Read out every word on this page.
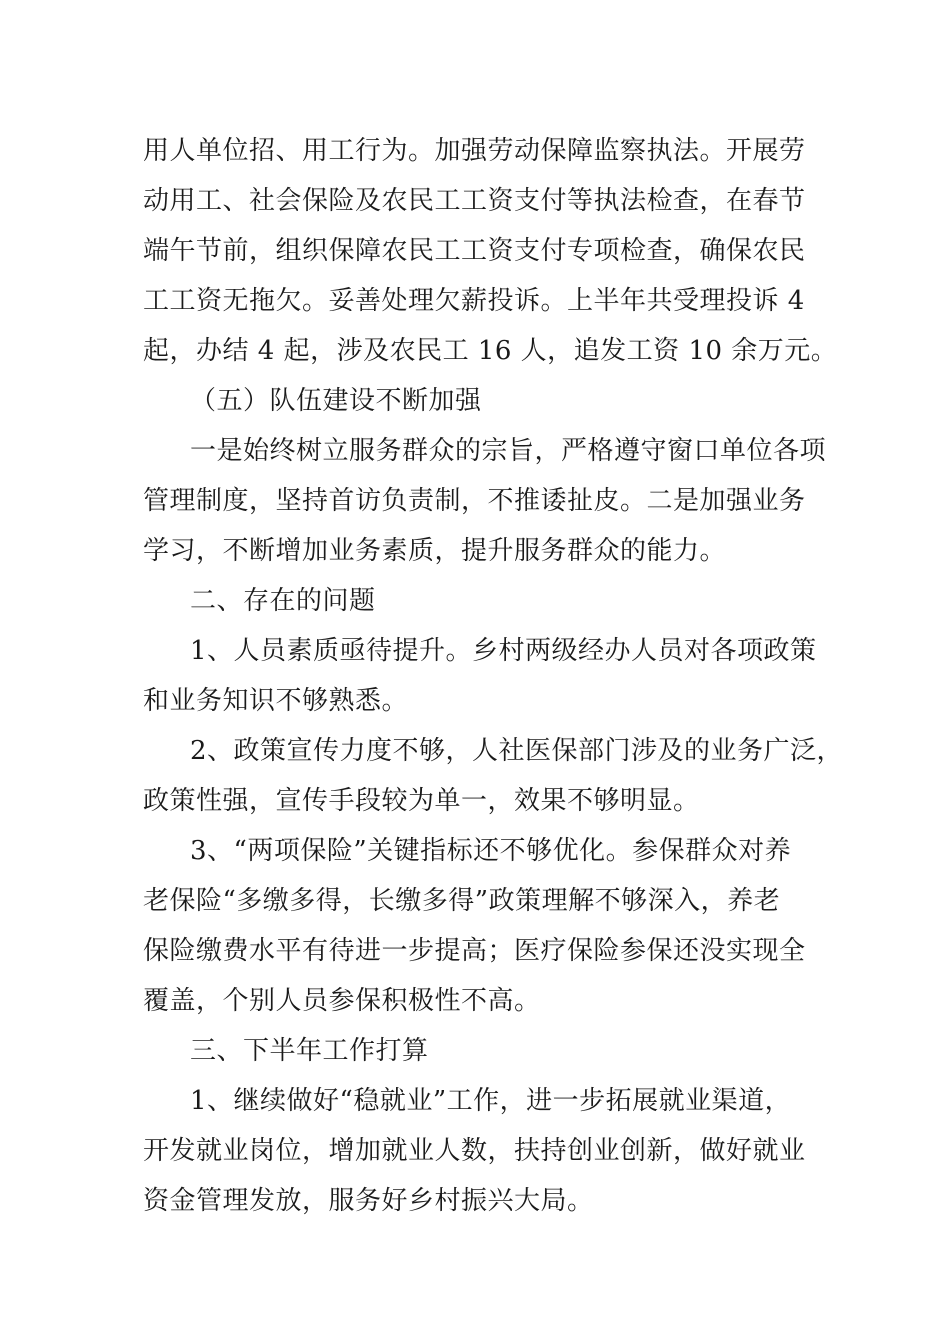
用人单位招、用工行为。加强劳动保障监察执法。开展劳
动用工、社会保险及农民工工资支付等执法检查，在春节
端午节前，组织保障农民工工资支付专项检查，确保农民
工工资无拖欠。妥善处理欠薪投诉。上半年共受理投诉 4
起，办结 4 起，涉及农民工 16 人，追发工资 10 余万元。
（五）队伍建设不断加强
一是始终树立服务群众的宗旨，严格遵守窗口单位各项
管理制度，坚持首访负责制，不推诿扯皮。二是加强业务
学习，不断增加业务素质，提升服务群众的能力。
二、存在的问题
1、人员素质亟待提升。乡村两级经办人员对各项政策
和业务知识不够熟悉。
2、政策宣传力度不够，人社医保部门涉及的业务广泛，
政策性强，宣传手段较为单一，效果不够明显。
3、“两项保险”关键指标还不够优化。参保群众对养
老保险“多缴多得，长缴多得”政策理解不够深入，养老
保险缴费水平有待进一步提高；医疗保险参保还没实现全
覆盖，个别人员参保积极性不高。
三、下半年工作打算
1、继续做好“稳就业”工作，进一步拓展就业渠道，
开发就业岗位，增加就业人数，扶持创业创新，做好就业
资金管理发放，服务好乡村振兴大局。
